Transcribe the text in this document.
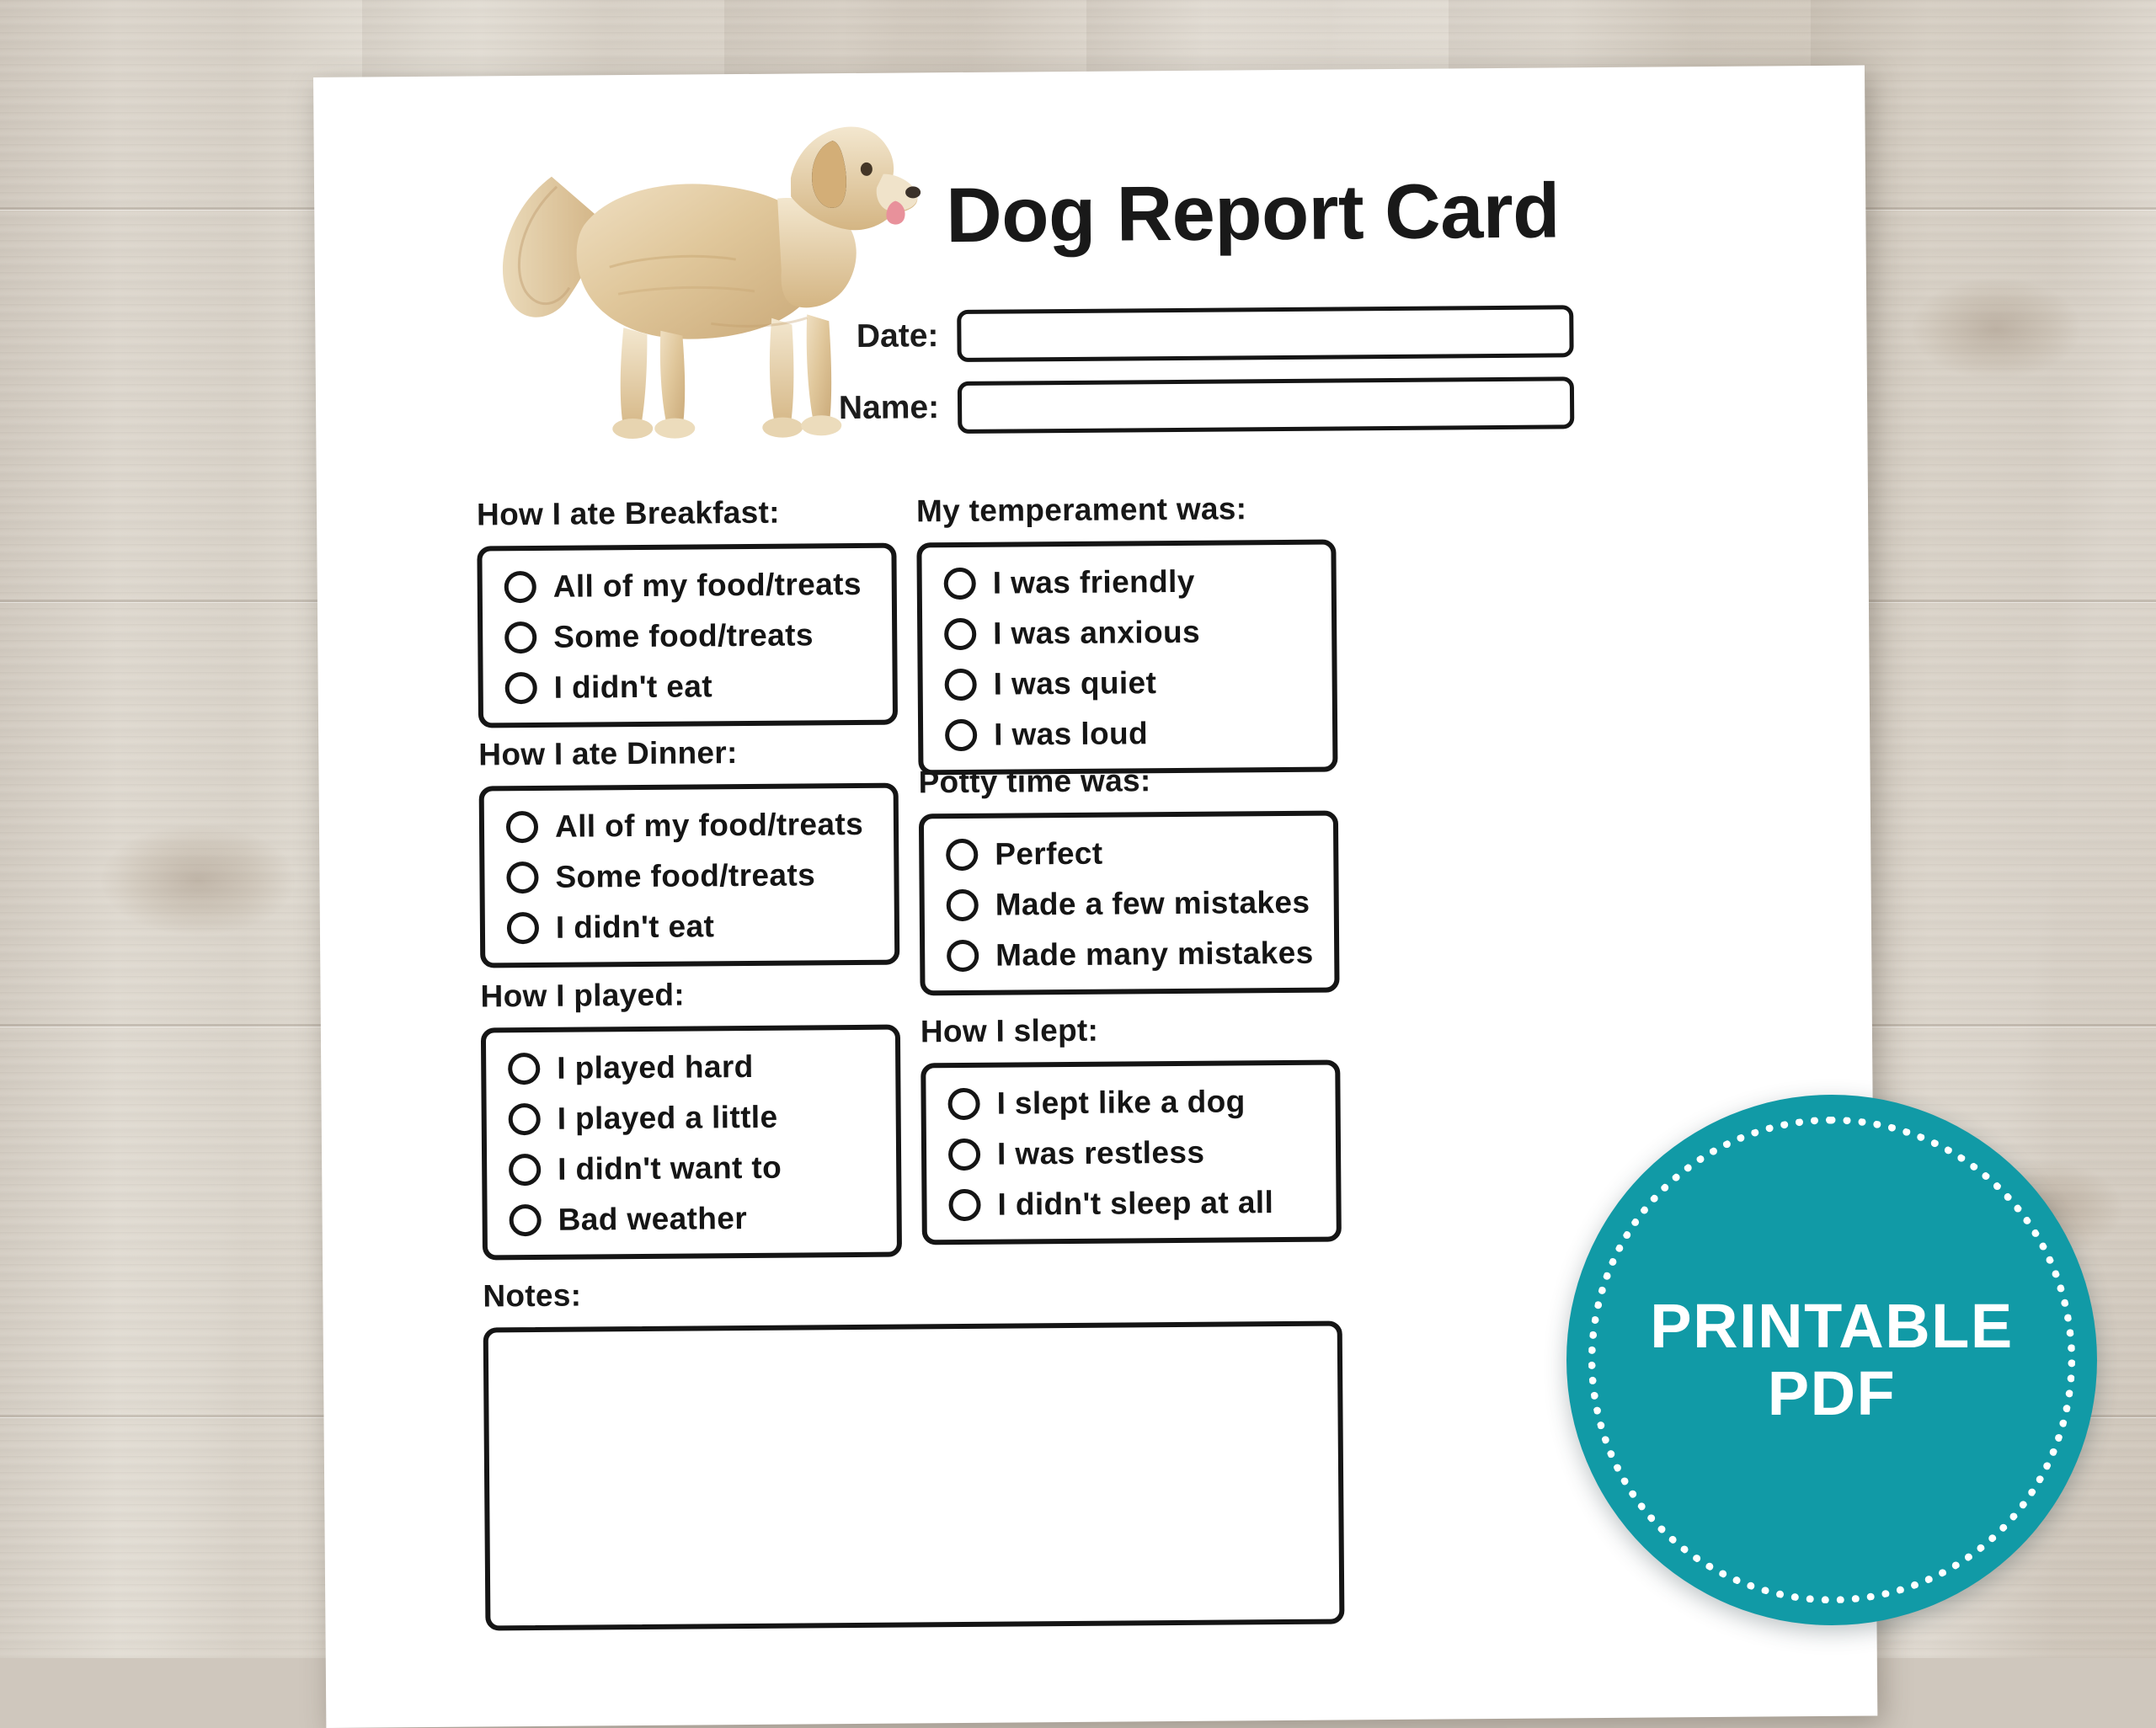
Dog Report Card
Date:
Name:
How I ate Breakfast:
All of my food/treats
Some food/treats
I didn't eat
How I ate Dinner:
All of my food/treats
Some food/treats
I didn't eat
How I played:
I played hard
I played a little
I didn't want to
Bad weather
My temperament was:
I was friendly
I was anxious
I was quiet
I was loud
Potty time was:
Perfect
Made a few mistakes
Made many mistakes
How I slept:
I slept like a dog
I was restless
I didn't sleep at all
Notes:	PRINTABLE
PDF
